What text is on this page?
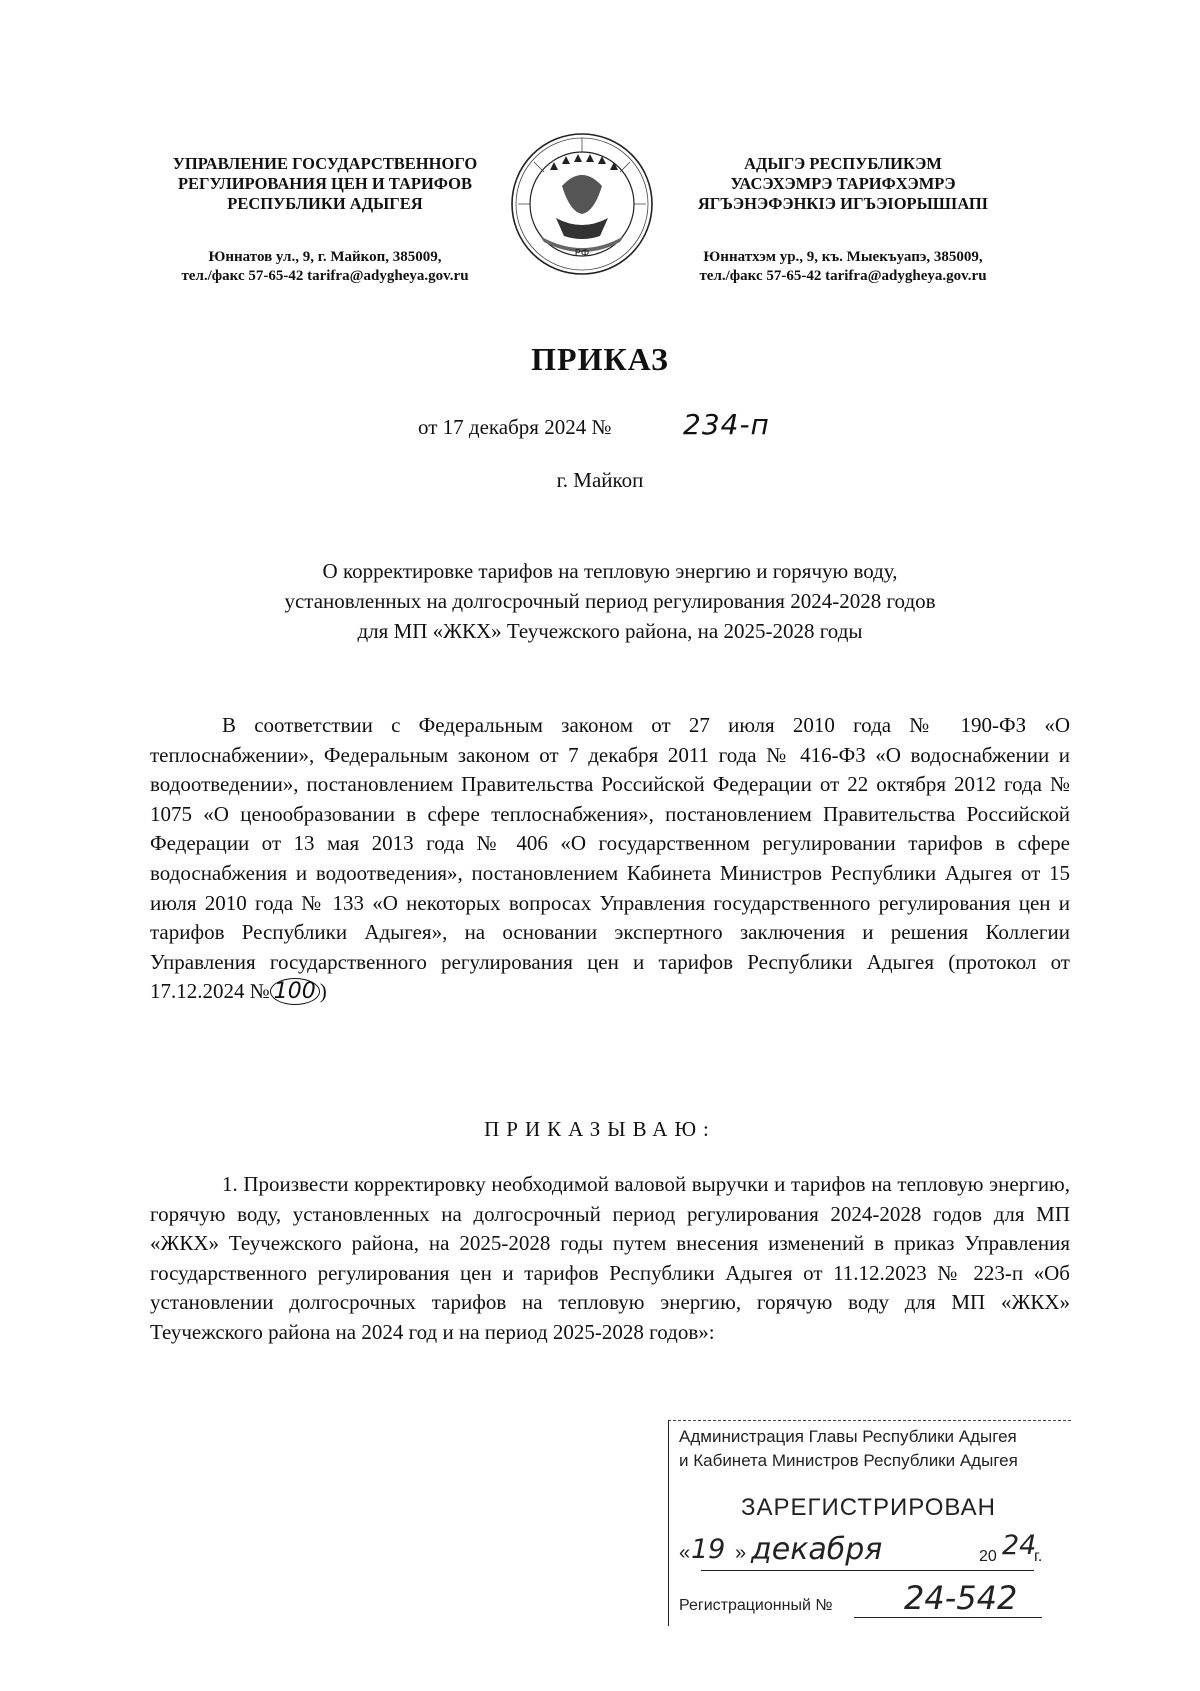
УПРАВЛЕНИЕ ГОСУДАРСТВЕННОГО
РЕГУЛИРОВАНИЯ ЦЕН И ТАРИФОВ
РЕСПУБЛИКИ АДЫГЕЯ
Юннатов ул., 9, г. Майкоп, 385009,
тел./факс 57-65-42 tarifra@adygheya.gov.ru
РФ
АДЫГЭ РЕСПУБЛИКЭМ
УАСЭХЭМРЭ ТАРИФХЭМРЭ
ЯГЪЭНЭФЭНКIЭ ИГЪЭIОРЫШIАПI
Юннатхэм ур., 9, къ. Мыекъуапэ, 385009,
тел./факс 57-65-42 tarifra@adygheya.gov.ru
ПРИКАЗ
от 17 декабря 2024 №	234-п
г. Майкоп
О корректировке тарифов на тепловую энергию и горячую воду,
установленных на долгосрочный период регулирования 2024-2028 годов
для МП «ЖКХ» Теучежского района, на 2025-2028 годы

В соответствии с Федеральным законом от 27 июля 2010 года № 190-ФЗ «О теплоснабжении», Федеральным законом от 7 декабря 2011 года № 416-ФЗ «О водоснабжении и водоотведении», постановлением Правительства Российской Федерации от 22 октября 2012 года № 1075 «О ценообразовании в сфере теплоснабжения», постановлением Правительства Российской Федерации от 13 мая 2013 года № 406 «О государственном регулировании тарифов в сфере водоснабжения и водоотведения», постановлением Кабинета Министров Республики Адыгея от 15 июля 2010 года № 133 «О некоторых вопросах Управления государственного регулирования цен и тарифов Республики Адыгея», на основании экспертного заключения и решения Коллегии Управления государственного регулирования цен и тарифов Республики Адыгея (протокол от 17.12.2024 № 100 )

ПРИКАЗЫВАЮ:

1. Произвести корректировку необходимой валовой выручки и тарифов на тепловую энергию, горячую воду, установленных на долгосрочный период регулирования 2024-2028 годов для МП «ЖКХ» Теучежского района, на 2025-2028 годы путем внесения изменений в приказ Управления государственного регулирования цен и тарифов Республики Адыгея от 11.12.2023 № 223-п «Об установлении долгосрочных тарифов на тепловую энергию, горячую воду для МП «ЖКХ» Теучежского района на 2024 год и на период 2025-2028 годов»:

Администрация Главы Республики Адыгея
и Кабинета Министров Республики Адыгея
ЗАРЕГИСТРИРОВАН
« 19 » декабря	20 24
г.
Регистрационный № 24-542
